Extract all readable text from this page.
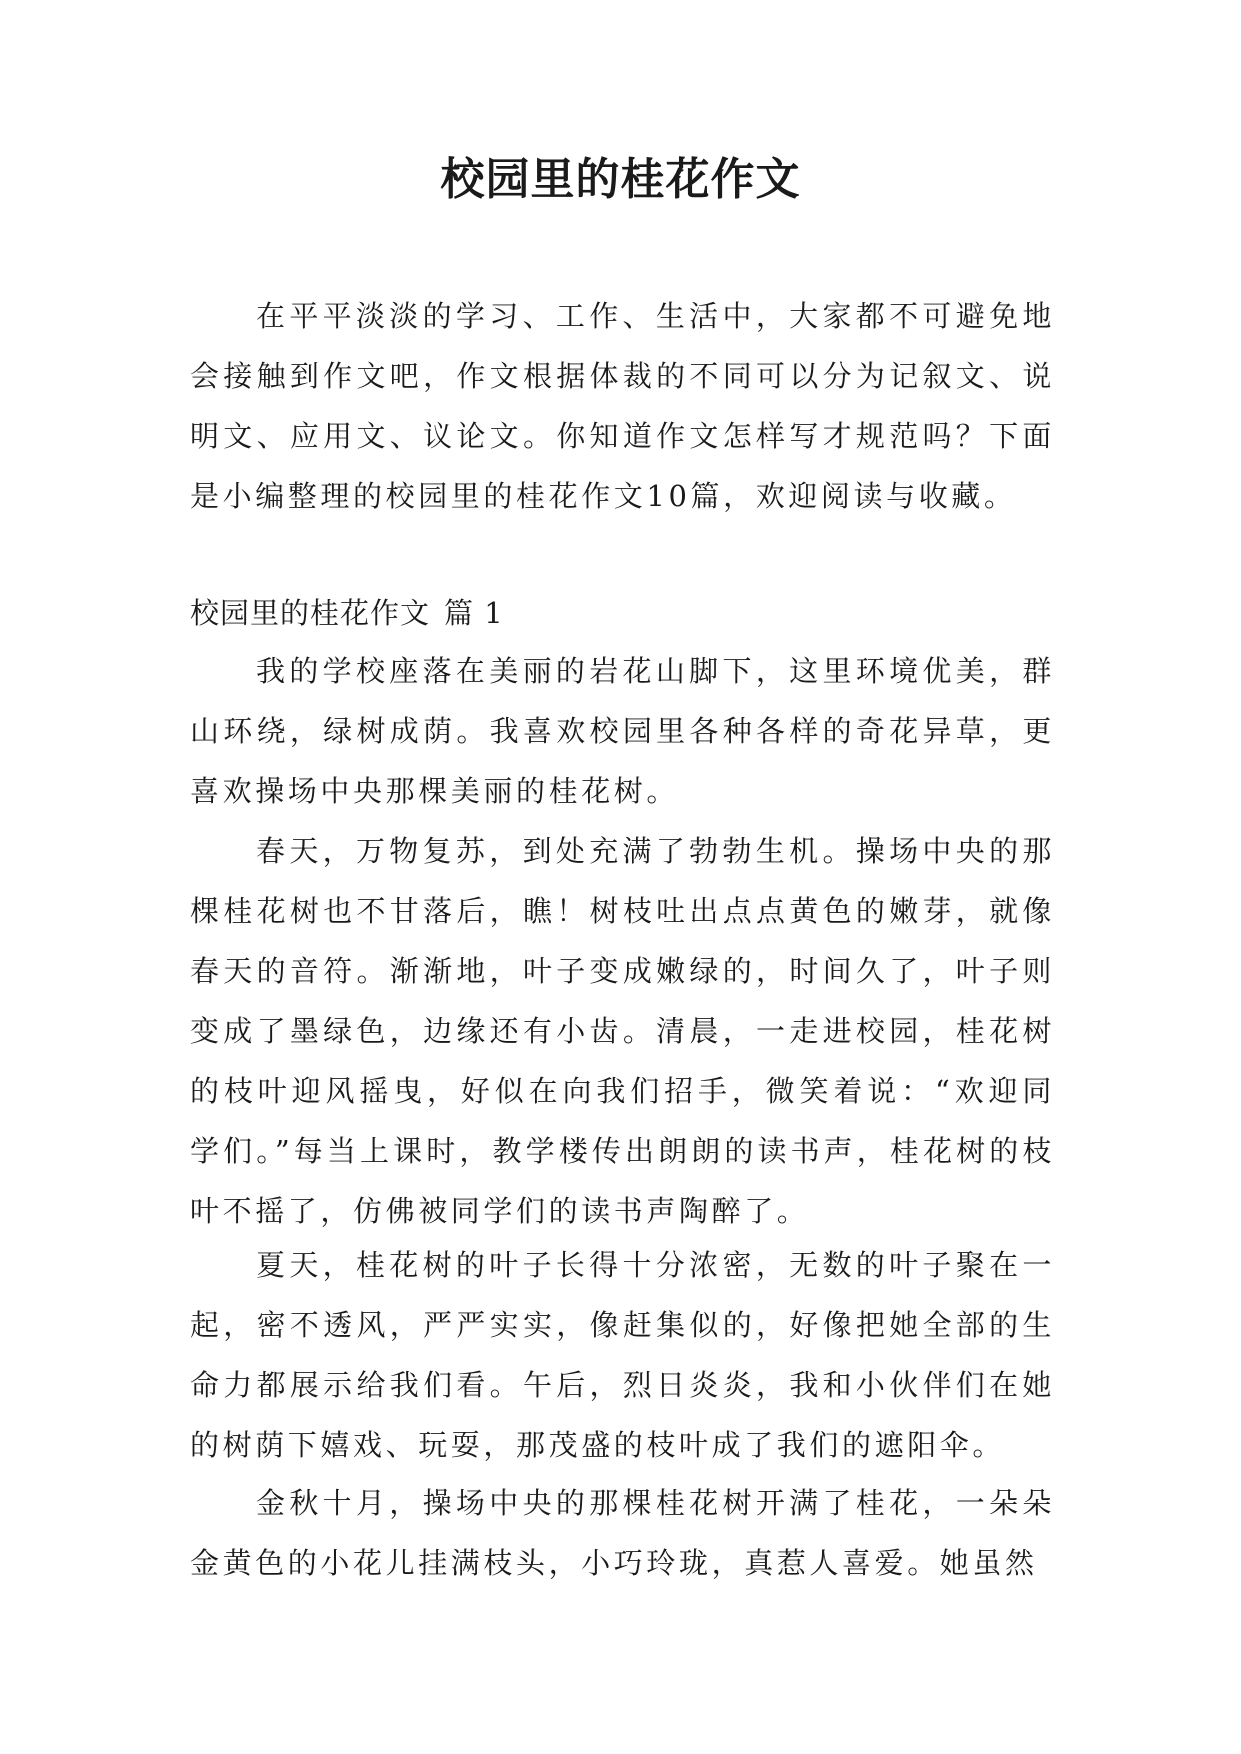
校园里的桂花作文

在平平淡淡的学习、工作、生活中，大家都不可避免地会接触到作文吧，作文根据体裁的不同可以分为记叙文、说明文、应用文、议论文。你知道作文怎样写才规范吗？下面是小编整理的校园里的桂花作文10篇，欢迎阅读与收藏。

校园里的桂花作文 篇 1

我的学校座落在美丽的岩花山脚下，这里环境优美，群山环绕，绿树成荫。我喜欢校园里各种各样的奇花异草，更喜欢操场中央那棵美丽的桂花树。

春天，万物复苏，到处充满了勃勃生机。操场中央的那棵桂花树也不甘落后，瞧！树枝吐出点点黄色的嫩芽，就像春天的音符。渐渐地，叶子变成嫩绿的，时间久了，叶子则变成了墨绿色，边缘还有小齿。清晨，一走进校园，桂花树的枝叶迎风摇曳，好似在向我们招手，微笑着说：“欢迎同学们。”每当上课时，教学楼传出朗朗的读书声，桂花树的枝叶不摇了，仿佛被同学们的读书声陶醉了。

夏天，桂花树的叶子长得十分浓密，无数的叶子聚在一起，密不透风，严严实实，像赶集似的，好像把她全部的生命力都展示给我们看。午后，烈日炎炎，我和小伙伴们在她的树荫下嬉戏、玩耍，那茂盛的枝叶成了我们的遮阳伞。

金秋十月，操场中央的那棵桂花树开满了桂花，一朵朵金黄色的小花儿挂满枝头，小巧玲珑，真惹人喜爱。她虽然
